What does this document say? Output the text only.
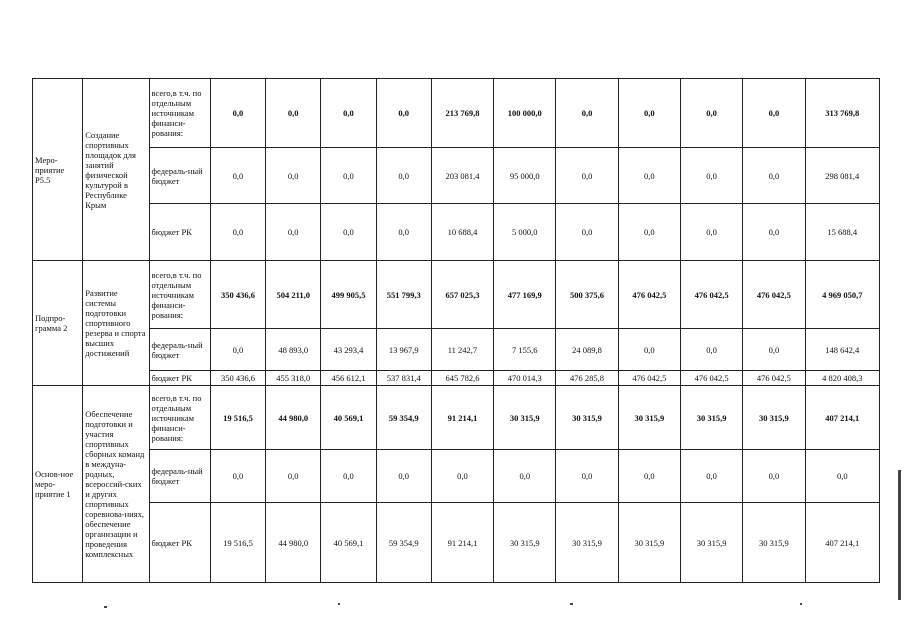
Меро-приятие Р5.5	Создание спортивных площадок для занятий физической культурой в Республике Крым	всего,в т.ч. по отдельным источникам финанси-рования:	0,0	0,0	0,0	0,0	213 769,8	100 000,0	0,0	0,0	0,0	0,0	313 769,8
		федераль-ный бюджет	0,0	0,0	0,0	0,0	203 081,4	95 000,0	0,0	0,0	0,0	0,0	298 081,4
		бюджет РК	0,0	0,0	0,0	0,0	10 688,4	5 000,0	0,0	0,0	0,0	0,0	15 688,4
Подпро-грамма 2	Развитие системы подготовки спортивного резерва и спорта высших достижений	всего,в т.ч. по отдельным источникам финанси-рования:	350 436,6	504 211,0	499 905,5	551 799,3	657 025,3	477 169,9	500 375,6	476 042,5	476 042,5	476 042,5	4 969 050,7
		федераль-ный бюджет	0,0	48 893,0	43 293,4	13 967,9	11 242,7	7 155,6	24 089,8	0,0	0,0	0,0	148 642,4
		бюджет РК	350 436,6	455 318,0	456 612,1	537 831,4	645 782,6	470 014,3	476 285,8	476 042,5	476 042,5	476 042,5	4 820 408,3
Основ-ное меро-приятие 1	Обеспечение подготовки и участия спортивных сборных команд в междуна-родных, всероссий-ских и других спортивных соревнова-ниях, обеспечение организации и проведения комплексных	всего,в т.ч. по отдельным источникам финанси-рования:	19 516,5	44 980,0	40 569,1	59 354,9	91 214,1	30 315,9	30 315,9	30 315,9	30 315,9	30 315,9	407 214,1
		федераль-ный бюджет	0,0	0,0	0,0	0,0	0,0	0,0	0,0	0,0	0,0	0,0	0,0
		бюджет РК	19 516,5	44 980,0	40 569,1	59 354,9	91 214,1	30 315,9	30 315,9	30 315,9	30 315,9	30 315,9	407 214,1
